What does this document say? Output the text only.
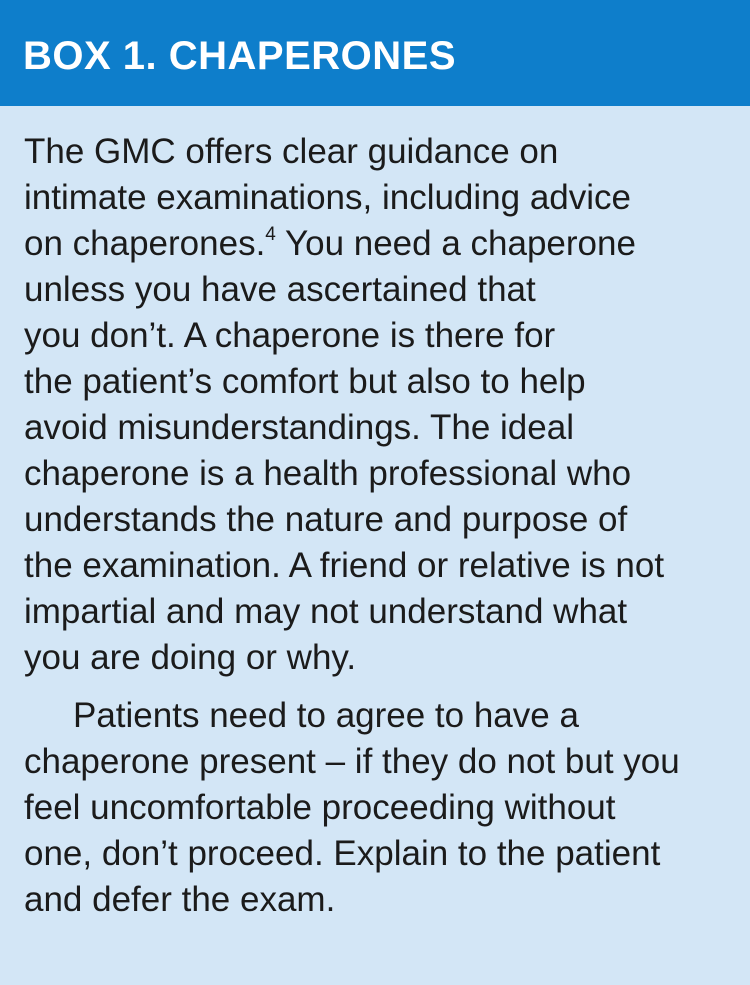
BOX 1. CHAPERONES

The GMC offers clear guidance on
intimate examinations, including advice
on chaperones.$^4$ You need a chaperone
unless you have ascertained that
you don’t. A chaperone is there for
the patient’s comfort but also to help
avoid misunderstandings. The ideal
chaperone is a health professional who
understands the nature and purpose of
the examination. A friend or relative is not
impartial and may not understand what
you are doing or why.

Patients need to agree to have a
chaperone present – if they do not but you
feel uncomfortable proceeding without
one, don’t proceed. Explain to the patient
and defer the exam.
